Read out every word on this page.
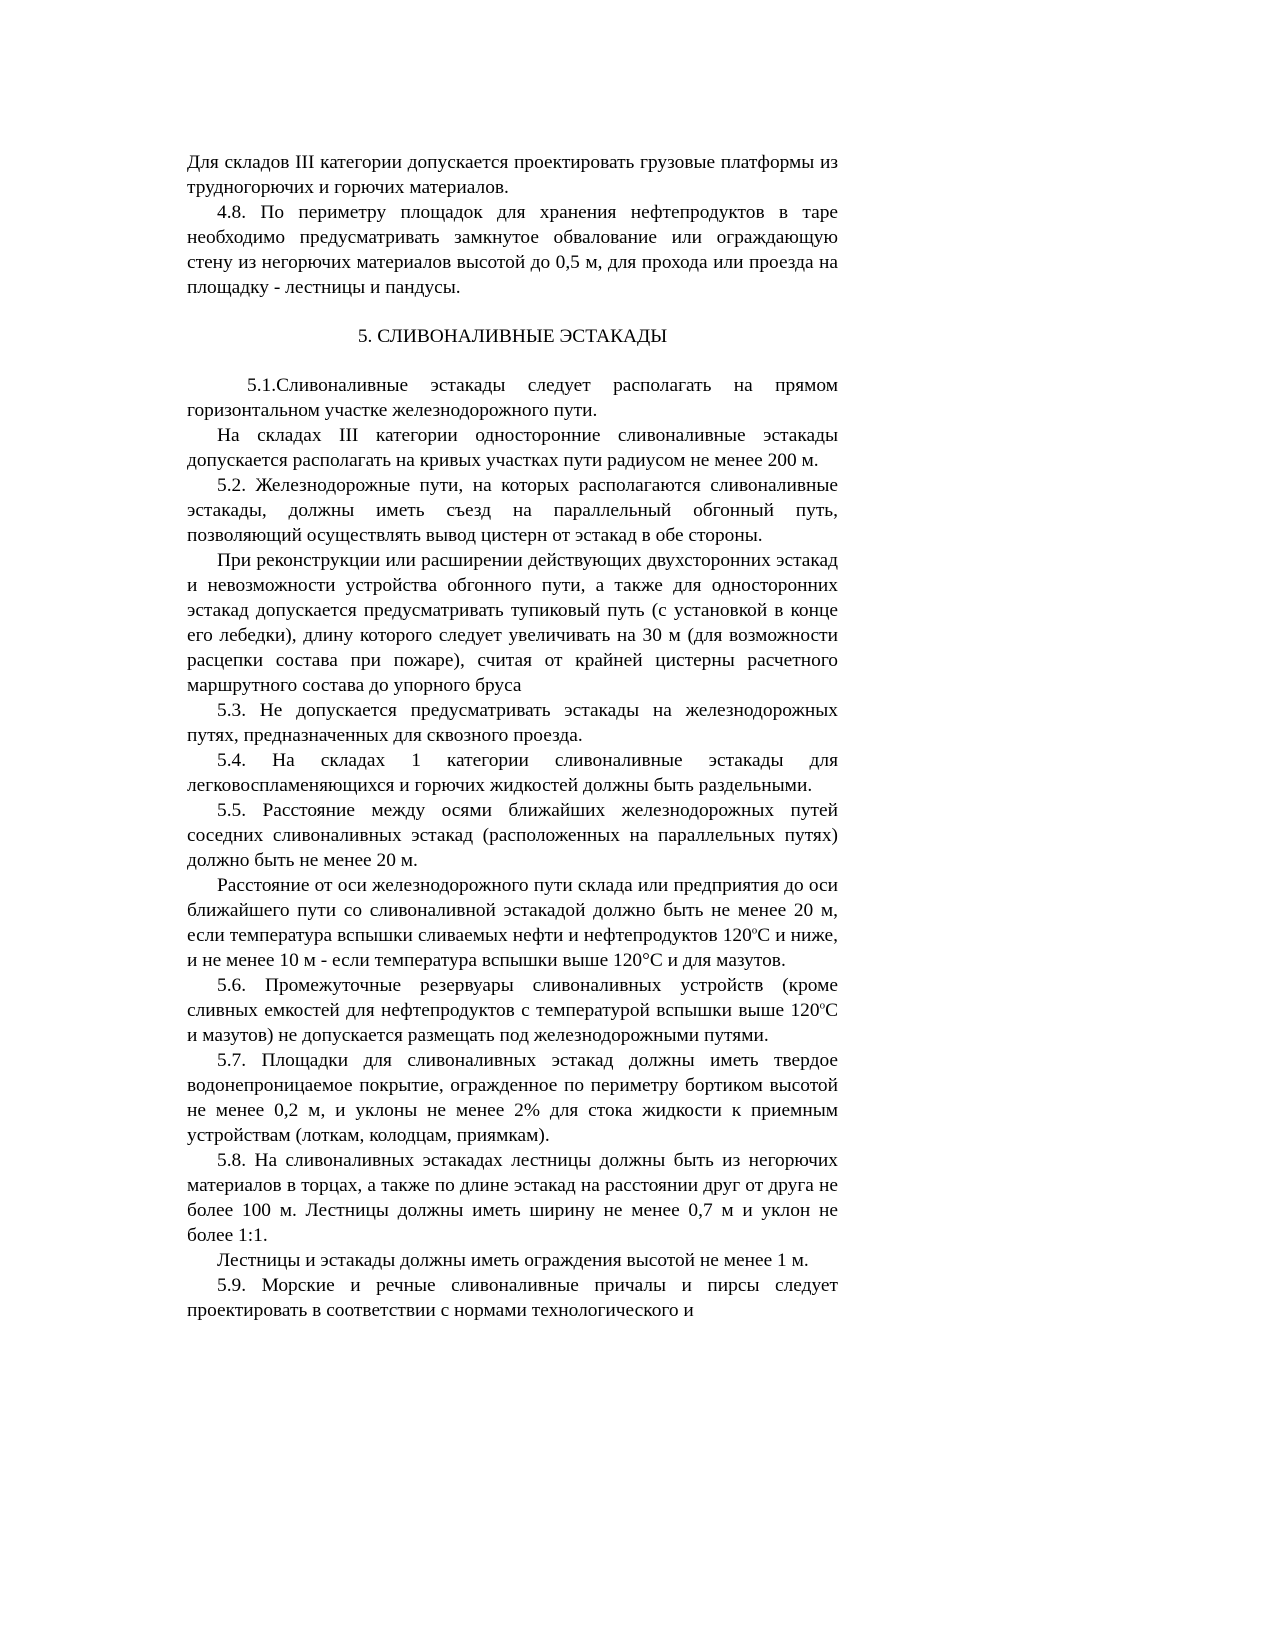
Для складов III категории допускается проектировать грузовые платформы из трудногорючих и горючих материалов.

4.8. По периметру площадок для хранения нефтепродуктов в таре необходимо предусматривать замкнутое обвалование или ограждающую стену из негорючих материалов высотой до 0,5 м, для прохода или проезда на площадку - лестницы и пандусы.

5. СЛИВОНАЛИВНЫЕ ЭСТАКАДЫ

5.1.Сливоналивные эстакады следует располагать на прямом горизонтальном участке железнодорожного пути.

На складах III категории односторонние сливоналивные эстакады допускается располагать на кривых участках пути радиусом не менее 200 м.

5.2. Железнодорожные пути, на которых располагаются сливоналивные эстакады, должны иметь съезд на параллельный обгонный путь, позволяющий осуществлять вывод цистерн от эстакад в обе стороны.

При реконструкции или расширении действующих двухсторонних эстакад и невозможности устройства обгонного пути, а также для односторонних эстакад допускается предусматривать тупиковый путь (с установкой в конце его лебедки), длину которого следует увеличивать на 30 м (для возможности расцепки состава при пожаре), считая от крайней цистерны расчетного маршрутного состава до упорного бруса

5.3. Не допускается предусматривать эстакады на железнодорожных путях, предназначенных для сквозного проезда.

5.4. На складах 1 категории сливоналивные эстакады для легковоспламеняющихся и горючих жидкостей должны быть раздельными.

5.5. Расстояние между осями ближайших железнодорожных путей соседних сливоналивных эстакад (расположенных на параллельных путях) должно быть не менее 20 м.

Расстояние от оси железнодорожного пути склада или предприятия до оси ближайшего пути со сливоналивной эстакадой должно быть не менее 20 м, если температура вспышки сливаемых нефти и нефтепродуктов $120^оС$ и ниже, и не менее 10 м - если температура вспышки выше 120°С и для мазутов.

5.6. Промежуточные резервуары сливоналивных устройств (кроме сливных емкостей для нефтепродуктов с температурой вспышки выше $120^оС$ и мазутов) не допускается размещать под железнодорожными путями.

5.7. Площадки для сливоналивных эстакад должны иметь твердое водонепроницаемое покрытие, огражденное по периметру бортиком высотой не менее 0,2 м, и уклоны не менее 2% для стока жидкости к приемным устройствам (лоткам, колодцам, приямкам).

5.8. На сливоналивных эстакадах лестницы должны быть из негорючих материалов в торцах, а также по длине эстакад на расстоянии друг от друга не более 100 м. Лестницы должны иметь ширину не менее 0,7 м и уклон не более 1:1.

Лестницы и эстакады должны иметь ограждения высотой не менее 1 м.

5.9. Морские и речные сливоналивные причалы и пирсы следует проектировать в соответствии с нормами технологического и
